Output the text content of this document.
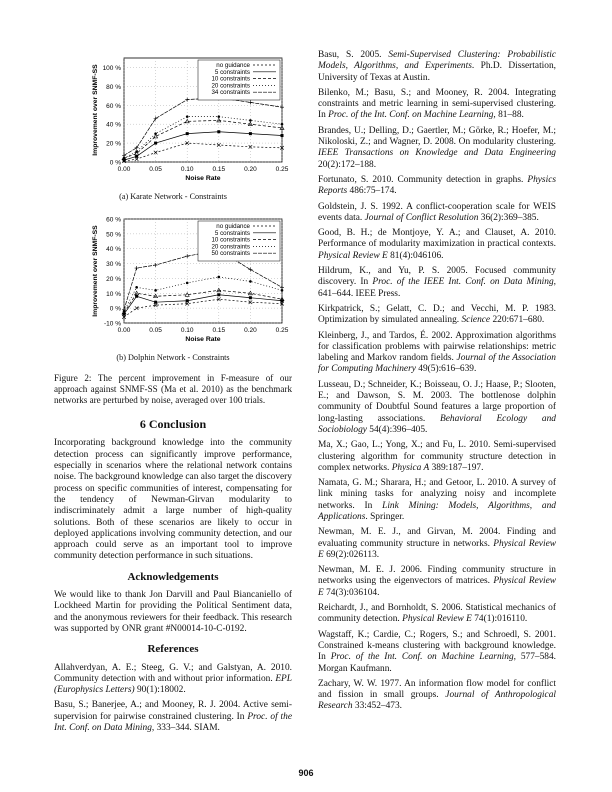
0 %
20 %
40 %
60 %
80 %
100 %
0.00	0.05	0.10	0.15	0.20	0.25
Noise Rate
Improvement over SNMF-SS	no guidance
5 constraints
10 constraints
20 constraints
34 constraints
(a) Karate Network - Constraints
-10 %
0 %
10 %
20 %
30 %
40 %
50 %
60 %
0.00	0.05	0.10	0.15	0.20	0.25
Noise Rate
Improvement over SNMF-SS	no guidance
5 constraints
10 constraints
20 constraints
50 constraints
(b) Dolphin Network - Constraints
Figure 2: The percent improvement in F-measure of our approach against SNMF-SS (Ma et al. 2010) as the benchmark networks are perturbed by noise, averaged over 100 trials.
6 Conclusion

Incorporating background knowledge into the community detection process can significantly improve performance, especially in scenarios where the relational network contains noise. The background knowledge can also target the discovery process on specific communities of interest, compensating for the tendency of Newman-Girvan modularity to indiscriminately admit a large number of high-quality solutions. Both of these scenarios are likely to occur in deployed applications involving community detection, and our approach could serve as an important tool to improve community detection performance in such situations.

Acknowledgements

We would like to thank Jon Darvill and Paul Biancaniello of Lockheed Martin for providing the Political Sentiment data, and the anonymous reviewers for their feedback. This research was supported by ONR grant #N00014-10-C-0192.

References
Allahverdyan, A. E.; Steeg, G. V.; and Galstyan, A. 2010. Community detection with and without prior information. EPL (Europhysics Letters) 90(1):18002.
Basu, S.; Banerjee, A.; and Mooney, R. J. 2004. Active semi-supervision for pairwise constrained clustering. In Proc. of the Int. Conf. on Data Mining, 333–344. SIAM.
Basu, S. 2005. Semi-Supervised Clustering: Probabilistic Models, Algorithms, and Experiments. Ph.D. Dissertation, University of Texas at Austin.
Bilenko, M.; Basu, S.; and Mooney, R. 2004. Integrating constraints and metric learning in semi-supervised clustering. In Proc. of the Int. Conf. on Machine Learning, 81–88.
Brandes, U.; Delling, D.; Gaertler, M.; Görke, R.; Hoefer, M.; Nikoloski, Z.; and Wagner, D. 2008. On modularity clustering. IEEE Transactions on Knowledge and Data Engineering 20(2):172–188.
Fortunato, S. 2010. Community detection in graphs. Physics Reports 486:75–174.
Goldstein, J. S. 1992. A conflict-cooperation scale for WEIS events data. Journal of Conflict Resolution 36(2):369–385.
Good, B. H.; de Montjoye, Y. A.; and Clauset, A. 2010. Performance of modularity maximization in practical contexts. Physical Review E 81(4):046106.
Hildrum, K., and Yu, P. S. 2005. Focused community discovery. In Proc. of the IEEE Int. Conf. on Data Mining, 641–644. IEEE Press.
Kirkpatrick, S.; Gelatt, C. D.; and Vecchi, M. P. 1983. Optimization by simulated annealing. Science 220:671–680.
Kleinberg, J., and Tardos, É. 2002. Approximation algorithms for classification problems with pairwise relationships: metric labeling and Markov random fields. Journal of the Association for Computing Machinery 49(5):616–639.
Lusseau, D.; Schneider, K.; Boisseau, O. J.; Haase, P.; Slooten, E.; and Dawson, S. M. 2003. The bottlenose dolphin community of Doubtful Sound features a large proportion of long-lasting associations. Behavioral Ecology and Sociobiology 54(4):396–405.
Ma, X.; Gao, L.; Yong, X.; and Fu, L. 2010. Semi-supervised clustering algorithm for community structure detection in complex networks. Physica A 389:187–197.
Namata, G. M.; Sharara, H.; and Getoor, L. 2010. A survey of link mining tasks for analyzing noisy and incomplete networks. In Link Mining: Models, Algorithms, and Applications. Springer.
Newman, M. E. J., and Girvan, M. 2004. Finding and evaluating community structure in networks. Physical Review E 69(2):026113.
Newman, M. E. J. 2006. Finding community structure in networks using the eigenvectors of matrices. Physical Review E 74(3):036104.
Reichardt, J., and Bornholdt, S. 2006. Statistical mechanics of community detection. Physical Review E 74(1):016110.
Wagstaff, K.; Cardie, C.; Rogers, S.; and Schroedl, S. 2001. Constrained k-means clustering with background knowledge. In Proc. of the Int. Conf. on Machine Learning, 577–584. Morgan Kaufmann.
Zachary, W. W. 1977. An information flow model for conflict and fission in small groups. Journal of Anthropological Research 33:452–473.
906
